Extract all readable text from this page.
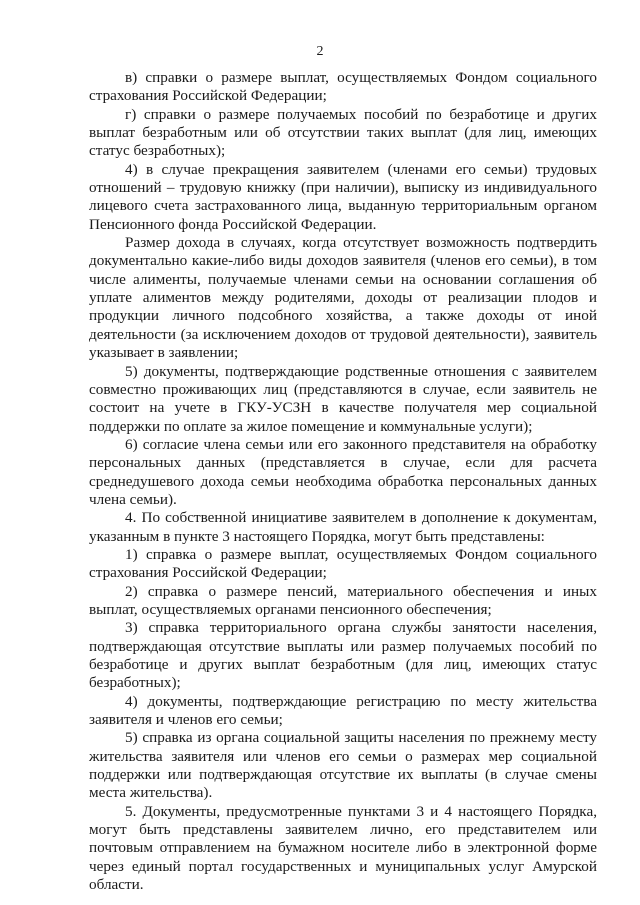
2

в) справки о размере выплат, осуществляемых Фондом социального страхования Российской Федерации;

г) справки о размере получаемых пособий по безработице и других выплат безработным или об отсутствии таких выплат (для лиц, имеющих статус безработных);

4) в случае прекращения заявителем (членами его семьи) трудовых отношений – трудовую книжку (при наличии), выписку из индивидуального лицевого счета застрахованного лица, выданную территориальным органом Пенсионного фонда Российской Федерации.

Размер дохода в случаях, когда отсутствует возможность подтвердить документально какие-либо виды доходов заявителя (членов его семьи), в том числе алименты, получаемые членами семьи на основании соглашения об уплате алиментов между родителями, доходы от реализации плодов и продукции личного подсобного хозяйства, а также доходы от иной деятельности (за исключением доходов от трудовой деятельности), заявитель указывает в заявлении;

5) документы, подтверждающие родственные отношения с заявителем совместно проживающих лиц (представляются в случае, если заявитель не состоит на учете в ГКУ-УСЗН в качестве получателя мер социальной поддержки по оплате за жилое помещение и коммунальные услуги);

6) согласие члена семьи или его законного представителя на обработку персональных данных (представляется в случае, если для расчета среднедушевого дохода семьи необходима обработка персональных данных члена семьи).

4. По собственной инициативе заявителем в дополнение к документам, указанным в пункте 3 настоящего Порядка, могут быть представлены:

1) справка о размере выплат, осуществляемых Фондом социального страхования Российской Федерации;

2) справка о размере пенсий, материального обеспечения и иных выплат, осуществляемых органами пенсионного обеспечения;

3) справка территориального органа службы занятости населения, подтверждающая отсутствие выплаты или размер получаемых пособий по безработице и других выплат безработным (для лиц, имеющих статус безработных);

4) документы, подтверждающие регистрацию по месту жительства заявителя и членов его семьи;

5) справка из органа социальной защиты населения по прежнему месту жительства заявителя или членов его семьи о размерах мер социальной поддержки или подтверждающая отсутствие их выплаты (в случае смены места жительства).

5. Документы, предусмотренные пунктами 3 и 4 настоящего Порядка, могут быть представлены заявителем лично, его представителем или почтовым отправлением на бумажном носителе либо в электронной форме через единый портал государственных и муниципальных услуг Амурской области.
